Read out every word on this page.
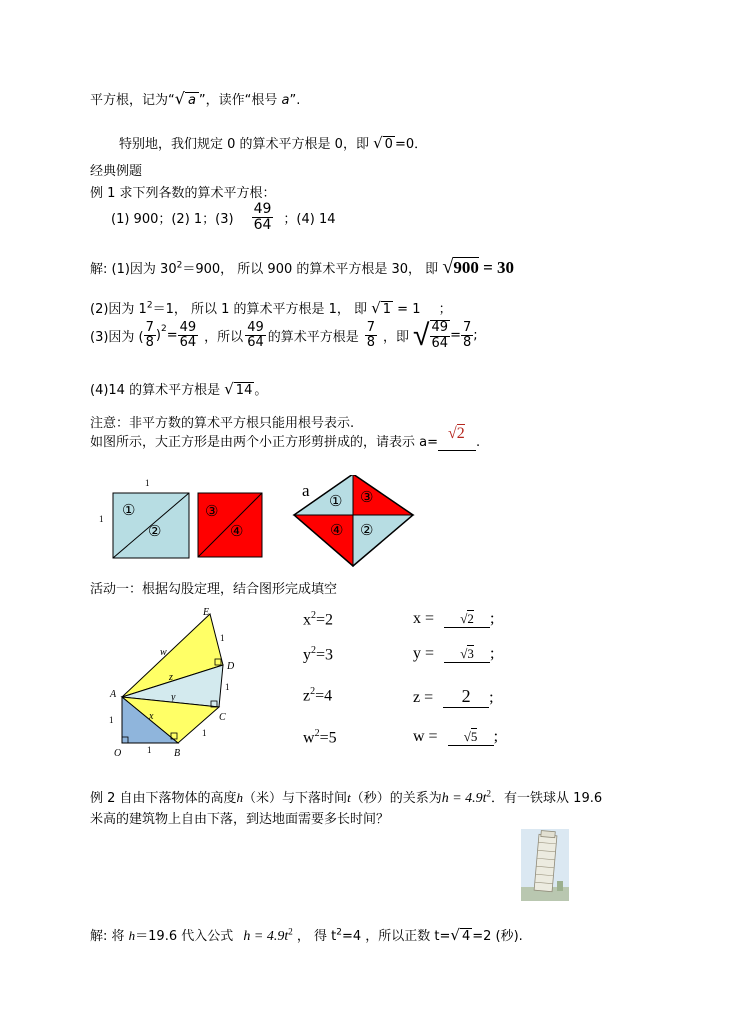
平方根，记为“√ a ”，读作“根号 a”.
特别地，我们规定 0 的算术平方根是 0，即 √ 0 =0．
经典例题
例 1 求下列各数的算术平方根：
(1) 900；(2) 1；$(3) \frac{49}{64}$ ；(4) 14
解: (1)因为 $30^2=900$， 所以 900 的算术平方根是 30， 即 √900 = 30
(2)因为 $1^2=1$， 所以 1 的算术平方根是 1， 即 √ 1 = 1 ；
(3)因为 ( $\frac{7}{8} )^2 = \frac{49}{64}$ ，所以 $\frac{49}{64}$ 的算术平方根是 $\frac{7}{8}$ ，即 √ $\frac{49}{64} = \frac{7}{8}$ ;
(4)14 的算术平方根是 √ 14 。
注意：非平方数的算术平方根只能用根号表示.
如图所示，大正方形是由两个小正方形剪拼成的，请表示 a=
√2
.
1
1 ①
②
③
④
a
① ③
④ ②
活动一：根据勾股定理，结合图形完成填空
E
D
A
C
O	B
1
1
1
1
1
w
z
y
x
$x^2=2$	x = √2 ;
$y^2=3$	y = √3 ;
$z^2=4$	z = 2 ;
$w^2=5$	w = √5 ;
例 2 自由下落物体的高度h（米）与下落时间t（秒）的关系为$h = 4.9t^2$．有一铁球从 19.6
米高的建筑物上自由下落，到达地面需要多长时间？
解: 将 h＝19.6 代入公式 $h = 4.9t^2$ ， 得 $t^2=4$ ，所以正数 t=√ 4 =2 (秒).
